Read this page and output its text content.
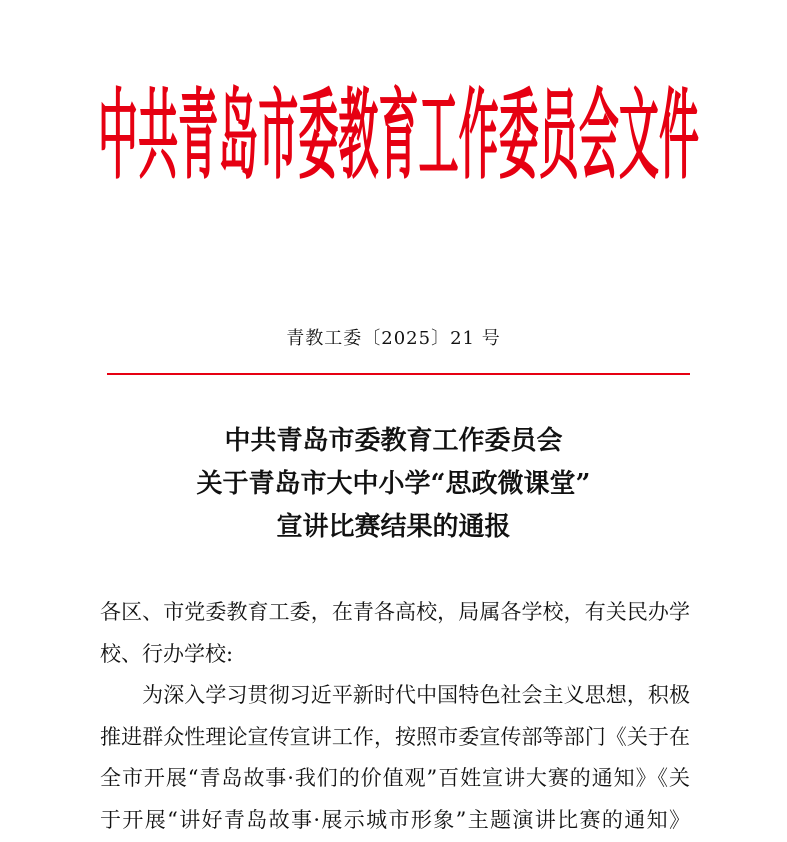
中共青岛市委教育工作委员会文件
青教工委〔2025〕21 号
中共青岛市委教育工作委员会
关于青岛市大中小学“思政微课堂”
宣讲比赛结果的通报
各区、市党委教育工委，在青各高校，局属各学校，有关民办学
校、行办学校:
　　为深入学习贯彻习近平新时代中国特色社会主义思想，积极
推进群众性理论宣传宣讲工作，按照市委宣传部等部门《关于在
全市开展“青岛故事·我们的价值观”百姓宣讲大赛的通知》《关
于开展“讲好青岛故事·展示城市形象”主题演讲比赛的通知》
